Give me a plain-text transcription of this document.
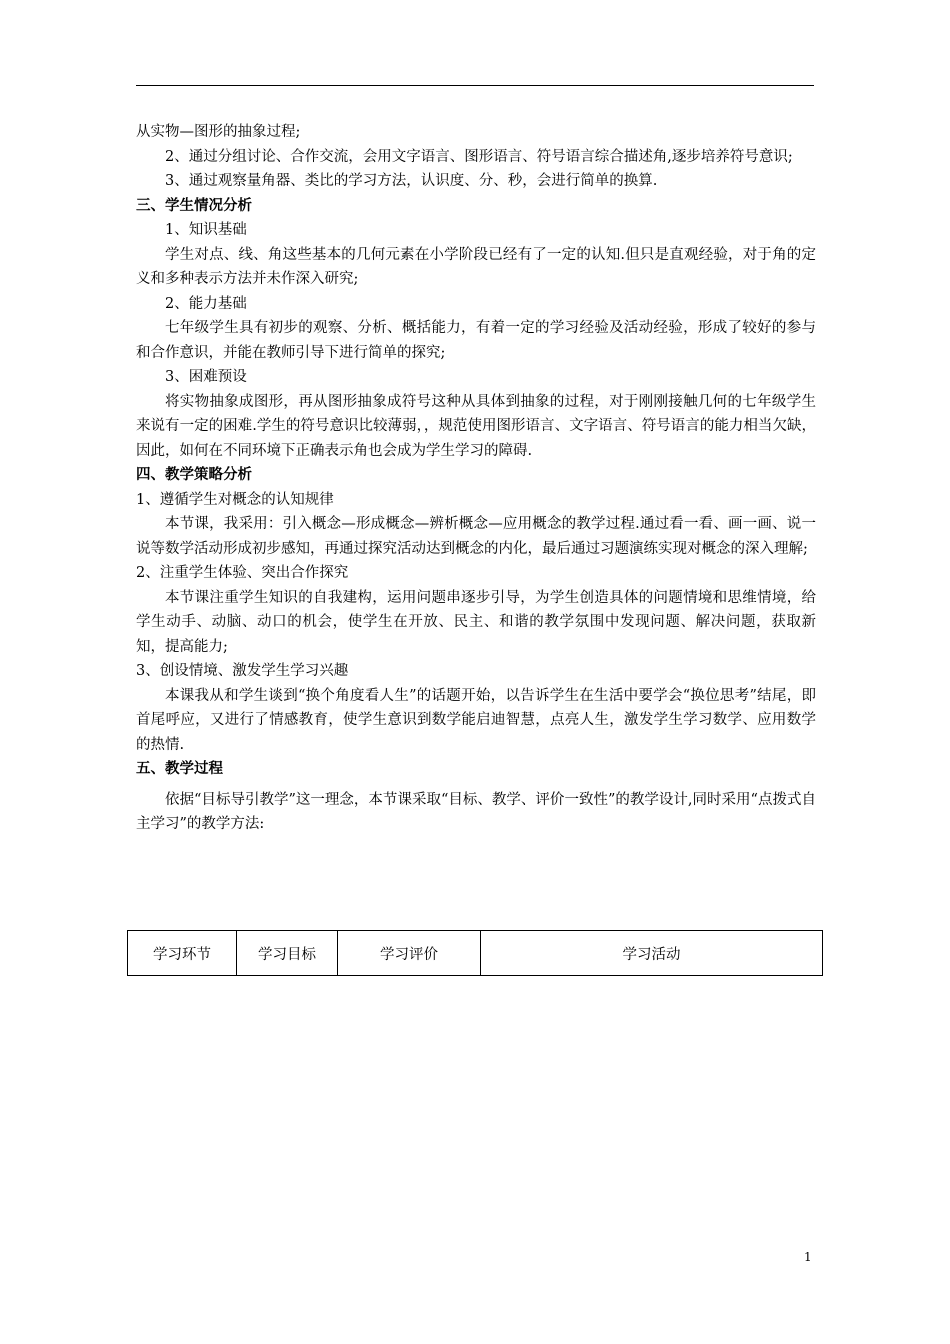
从实物—图形的抽象过程;
2、通过分组讨论、合作交流，会用文字语言、图形语言、符号语言综合描述角,逐步培养符号意识;
3、通过观察量角器、类比的学习方法，认识度、分、秒，会进行简单的换算.
三、学生情况分析
1、知识基础
学生对点、线、角这些基本的几何元素在小学阶段已经有了一定的认知.但只是直观经验，对于角的定义和多种表示方法并未作深入研究;
2、能力基础
七年级学生具有初步的观察、分析、概括能力，有着一定的学习经验及活动经验，形成了较好的参与和合作意识，并能在教师引导下进行简单的探究;
3、困难预设
将实物抽象成图形，再从图形抽象成符号这种从具体到抽象的过程，对于刚刚接触几何的七年级学生来说有一定的困难.学生的符号意识比较薄弱，，规范使用图形语言、文字语言、符号语言的能力相当欠缺，因此，如何在不同环境下正确表示角也会成为学生学习的障碍.
四、教学策略分析
1、遵循学生对概念的认知规律
本节课，我采用：引入概念—形成概念—辨析概念—应用概念的教学过程.通过看一看、画一画、说一说等数学活动形成初步感知，再通过探究活动达到概念的内化，最后通过习题演练实现对概念的深入理解;
2、注重学生体验、突出合作探究
本节课注重学生知识的自我建构，运用问题串逐步引导，为学生创造具体的问题情境和思维情境，给学生动手、动脑、动口的机会，使学生在开放、民主、和谐的教学氛围中发现问题、解决问题，获取新知，提高能力;
3、创设情境、激发学生学习兴趣
本课我从和学生谈到“换个角度看人生”的话题开始，以告诉学生在生活中要学会“换位思考”结尾，即首尾呼应，又进行了情感教育，使学生意识到数学能启迪智慧，点亮人生，激发学生学习数学、应用数学的热情.
五、教学过程
依据“目标导引教学”这一理念，本节课采取“目标、教学、评价一致性”的教学设计,同时采用“点拨式自主学习”的教学方法:
学习环节	学习目标	学习评价	学习活动
1
